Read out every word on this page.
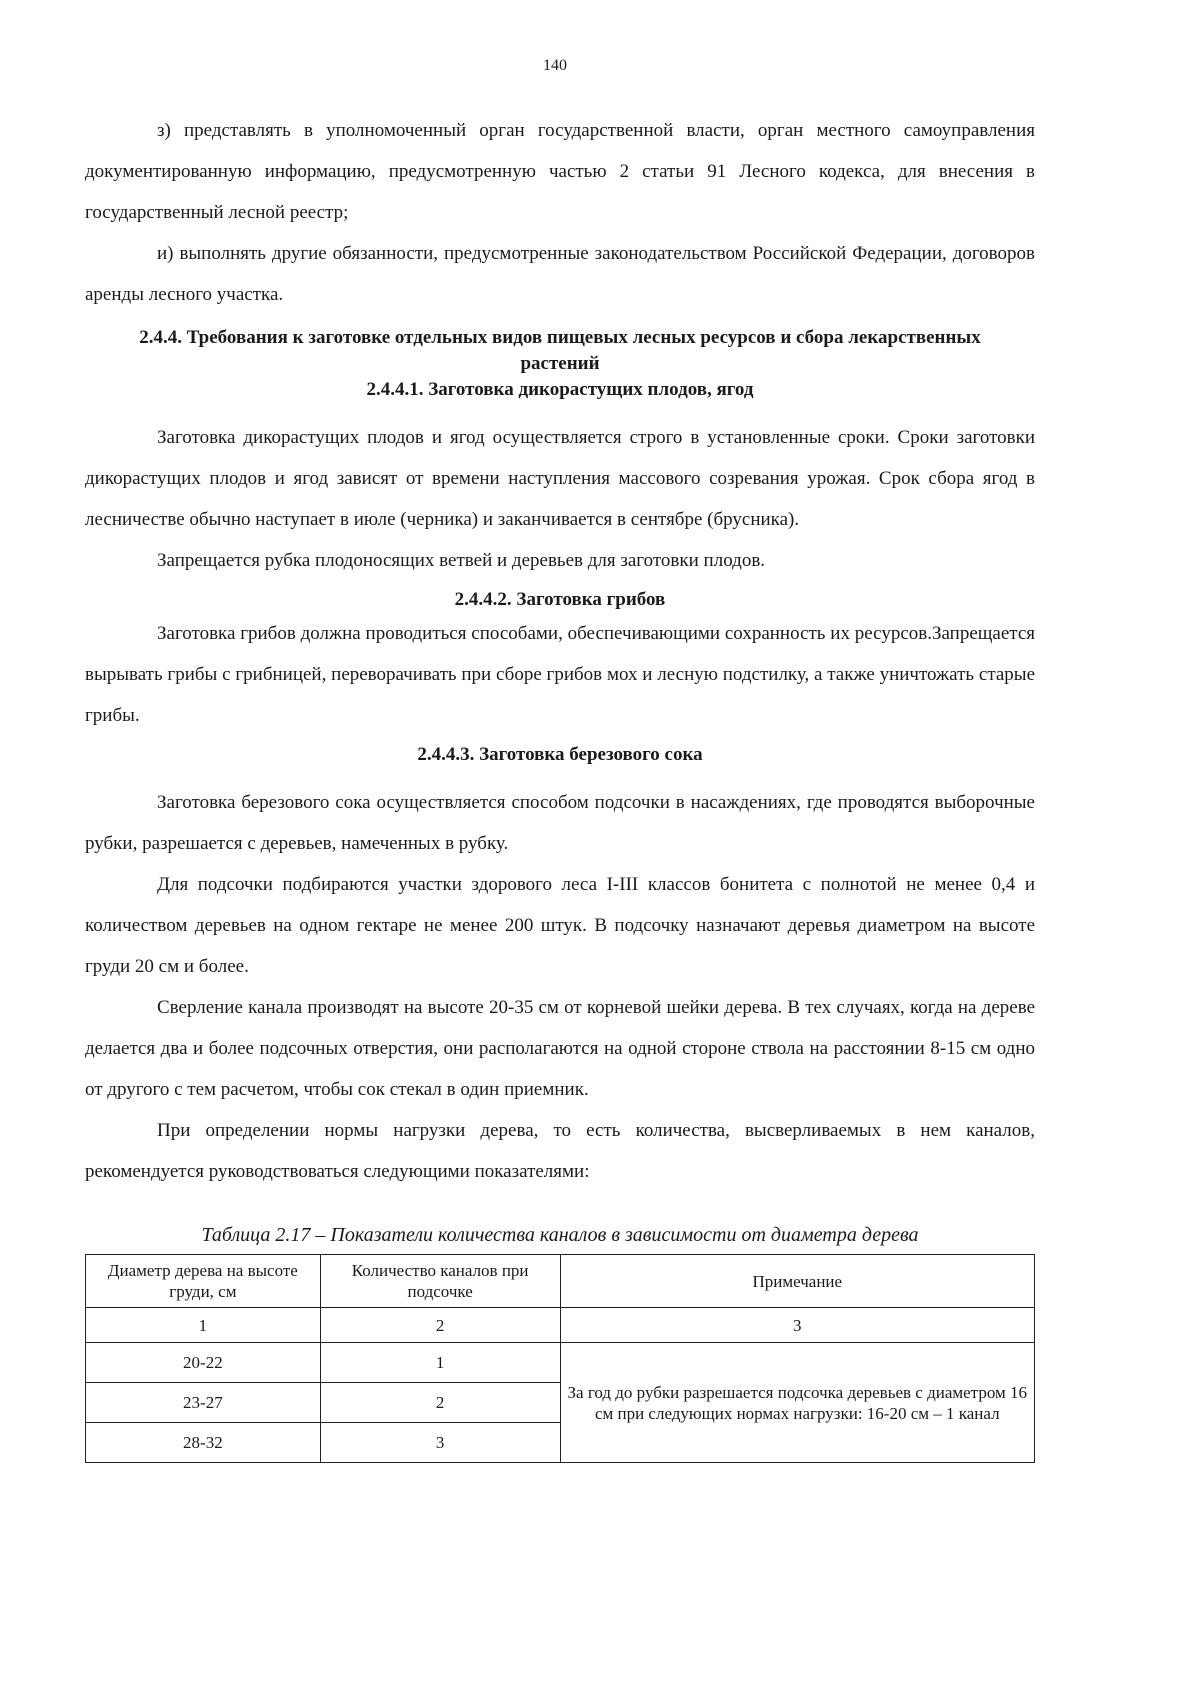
140

з) представлять в уполномоченный орган государственной власти, орган местного самоуправления документированную информацию, предусмотренную частью 2 статьи 91 Лесного кодекса, для внесения в государственный лесной реестр;

и) выполнять другие обязанности, предусмотренные законодательством Российской Федерации, договоров аренды лесного участка.

2.4.4. Требования к заготовке отдельных видов пищевых лесных ресурсов и сбора лекарственных растений
2.4.4.1. Заготовка дикорастущих плодов, ягод

Заготовка дикорастущих плодов и ягод осуществляется строго в установленные сроки. Сроки заготовки дикорастущих плодов и ягод зависят от времени наступления массового созревания урожая. Срок сбора ягод в лесничестве обычно наступает в июле (черника) и заканчивается в сентябре (брусника).

Запрещается рубка плодоносящих ветвей и деревьев для заготовки плодов.

2.4.4.2. Заготовка грибов

Заготовка грибов должна проводиться способами, обеспечивающими сохранность их ресурсов.Запрещается вырывать грибы с грибницей, переворачивать при сборе грибов мох и лесную подстилку, а также уничтожать старые грибы.

2.4.4.3. Заготовка березового сока

Заготовка березового сока осуществляется способом подсочки в насаждениях, где проводятся выборочные рубки, разрешается с деревьев, намеченных в рубку.

Для подсочки подбираются участки здорового леса I-III классов бонитета с полнотой не менее 0,4 и количеством деревьев на одном гектаре не менее 200 штук. В подсочку назначают деревья диаметром на высоте груди 20 см и более.

Сверление канала производят на высоте 20-35 см от корневой шейки дерева. В тех случаях, когда на дереве делается два и более подсочных отверстия, они располагаются на одной стороне ствола на расстоянии 8-15 см одно от другого с тем расчетом, чтобы сок стекал в один приемник.

При определении нормы нагрузки дерева, то есть количества, высверливаемых в нем каналов, рекомендуется руководствоваться следующими показателями:

Таблица 2.17 – Показатели количества каналов в зависимости от диаметра дерева
Диаметр дерева на высоте груди, см	Количество каналов при подсочке	Примечание
1	2	3
20-22	1	За год до рубки разрешается подсочка деревьев с диаметром 16 см при следующих нормах нагрузки: 16-20 см – 1 канал
23-27	2	
28-32	3	
